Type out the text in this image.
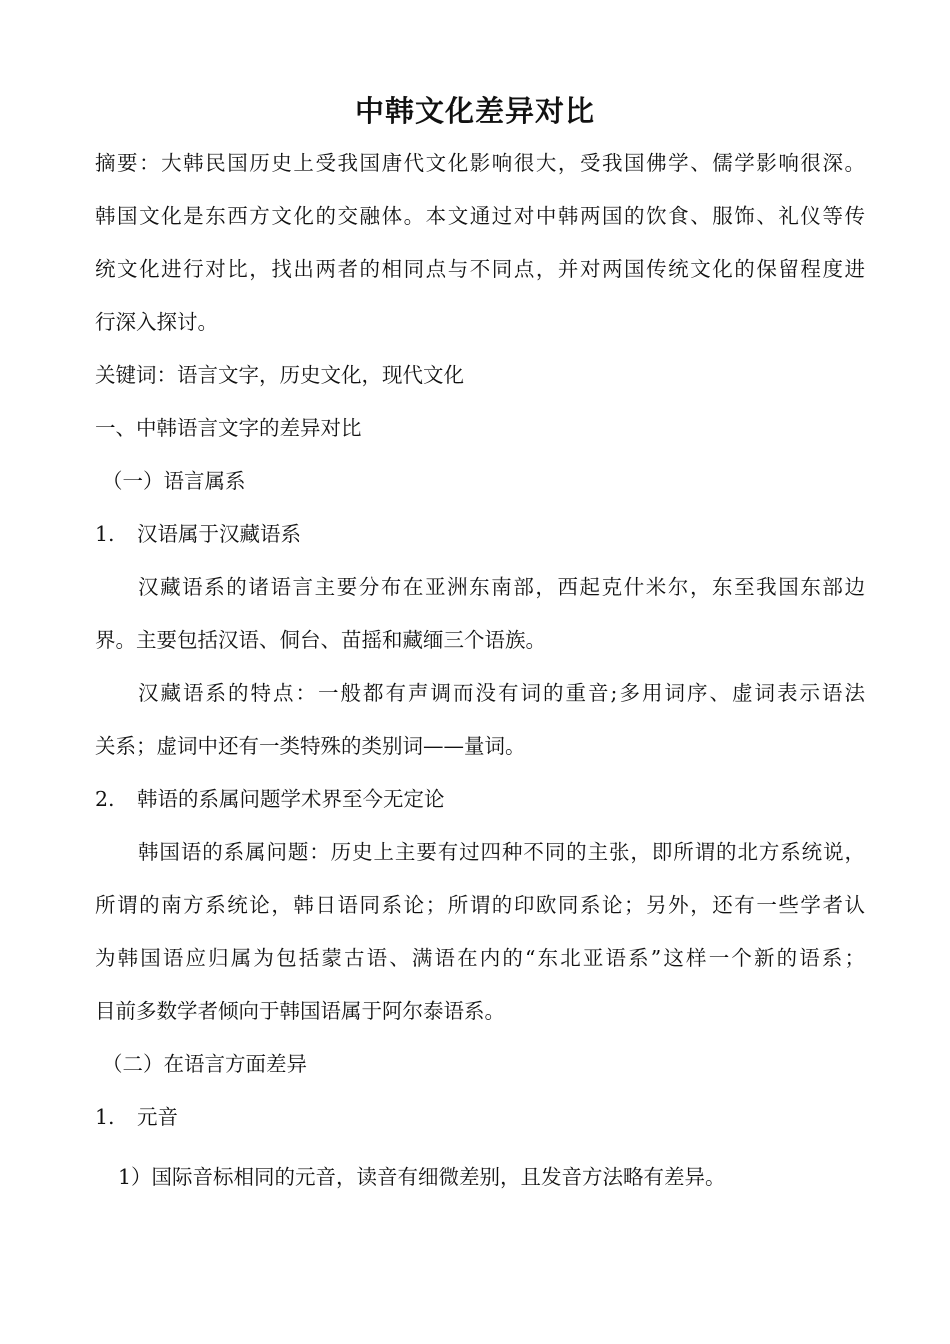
中韩文化差异对比
摘要：大韩民国历史上受我国唐代文化影响很大，受我国佛学、儒学影响很深。
韩国文化是东西方文化的交融体。本文通过对中韩两国的饮食、服饰、礼仪等传
统文化进行对比，找出两者的相同点与不同点，并对两国传统文化的保留程度进
行深入探讨。
关键词：语言文字，历史文化，现代文化
一、中韩语言文字的差异对比
（一）语言属系
1. 汉语属于汉藏语系
汉藏语系的诸语言主要分布在亚洲东南部，西起克什米尔，东至我国东部边
界。主要包括汉语、侗台、苗摇和藏缅三个语族。
汉藏语系的特点：一般都有声调而没有词的重音;多用词序、虚词表示语法
关系；虚词中还有一类特殊的类别词——量词。
2. 韩语的系属问题学术界至今无定论
韩国语的系属问题：历史上主要有过四种不同的主张，即所谓的北方系统说，
所谓的南方系统论，韩日语同系论；所谓的印欧同系论；另外，还有一些学者认
为韩国语应归属为包括蒙古语、满语在内的“东北亚语系”这样一个新的语系；
目前多数学者倾向于韩国语属于阿尔泰语系。
（二）在语言方面差异
1. 元音
1）国际音标相同的元音，读音有细微差别，且发音方法略有差异。
